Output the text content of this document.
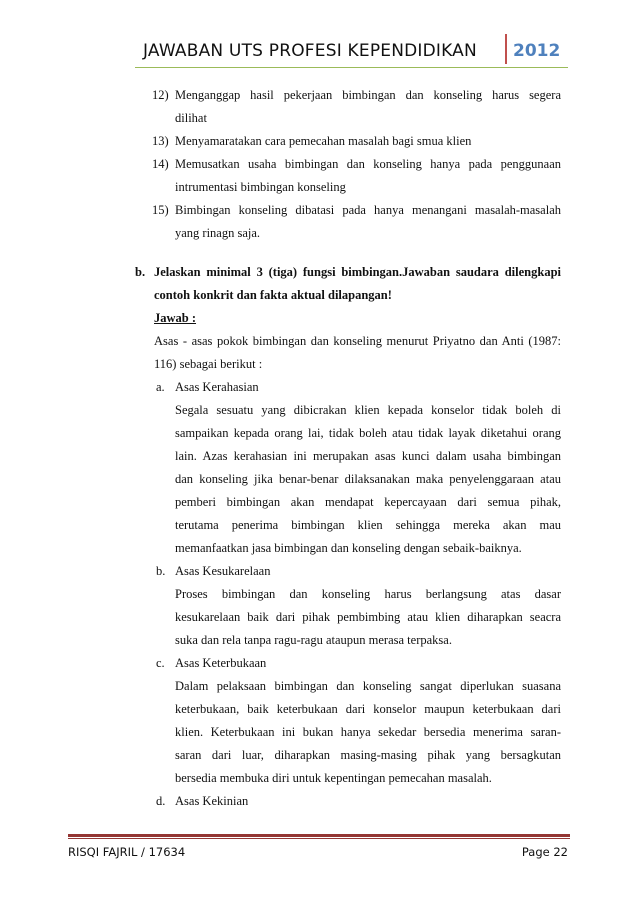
JAWABAN UTS PROFESI KEPENDIDIKAN 2012
12) Menganggap hasil pekerjaan bimbingan dan konseling harus segera
dilihat
13) Menyamaratakan cara pemecahan masalah bagi smua klien
14) Memusatkan usaha bimbingan dan konseling hanya pada penggunaan
intrumentasi bimbingan konseling
15) Bimbingan konseling dibatasi pada hanya menangani masalah-masalah
yang rinagn saja.
b. Jelaskan minimal 3 (tiga) fungsi bimbingan.Jawaban saudara dilengkapi
contoh konkrit dan fakta aktual dilapangan!
Jawab :
Asas - asas pokok bimbingan dan konseling menurut Priyatno dan Anti (1987:
116) sebagai berikut :
a. Asas Kerahasian
Segala sesuatu yang dibicrakan klien kepada konselor tidak boleh di
sampaikan kepada orang lai, tidak boleh atau tidak layak diketahui orang
lain. Azas kerahasian ini merupakan asas kunci dalam usaha bimbingan
dan konseling jika benar-benar dilaksanakan maka penyelenggaraan atau
pemberi bimbingan akan mendapat kepercayaan dari semua pihak,
terutama penerima bimbingan klien sehingga mereka akan mau
memanfaatkan jasa bimbingan dan konseling dengan sebaik-baiknya.
b. Asas Kesukarelaan
Proses bimbingan dan konseling harus berlangsung atas dasar
kesukarelaan baik dari pihak pembimbing atau klien diharapkan seacra
suka dan rela tanpa ragu-ragu ataupun merasa terpaksa.
c. Asas Keterbukaan
Dalam pelaksaan bimbingan dan konseling sangat diperlukan suasana
keterbukaan, baik keterbukaan dari konselor maupun keterbukaan dari
klien. Keterbukaan ini bukan hanya sekedar bersedia menerima saran-
saran dari luar, diharapkan masing-masing pihak yang bersagkutan
bersedia membuka diri untuk kepentingan pemecahan masalah.
d. Asas Kekinian
RISQI FAJRIL / 17634	Page 22
